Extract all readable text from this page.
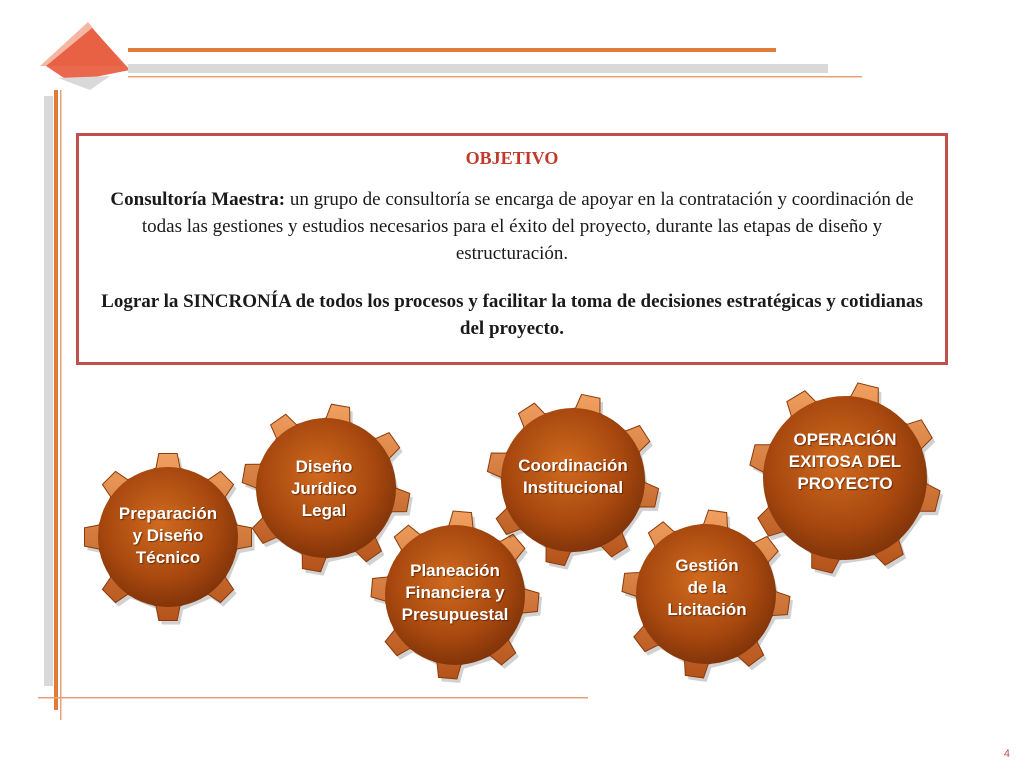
OBJETIVO
Consultoría Maestra: un grupo de consultoría se encarga de apoyar en la contratación y coordinación de todas las gestiones y estudios necesarios para el éxito del proyecto, durante las etapas de diseño y estructuración.
Lograr la SINCRONÍA de todos los procesos y facilitar la toma de decisiones estratégicas y cotidianas del proyecto.
Preparación
y Diseño
Técnico
Diseño
Jurídico
Legal
Planeación
Financiera y
Presupuestal
Coordinación
Institucional
Gestión
de la
Licitación
OPERACIÓN
EXITOSA DEL
PROYECTO
4
